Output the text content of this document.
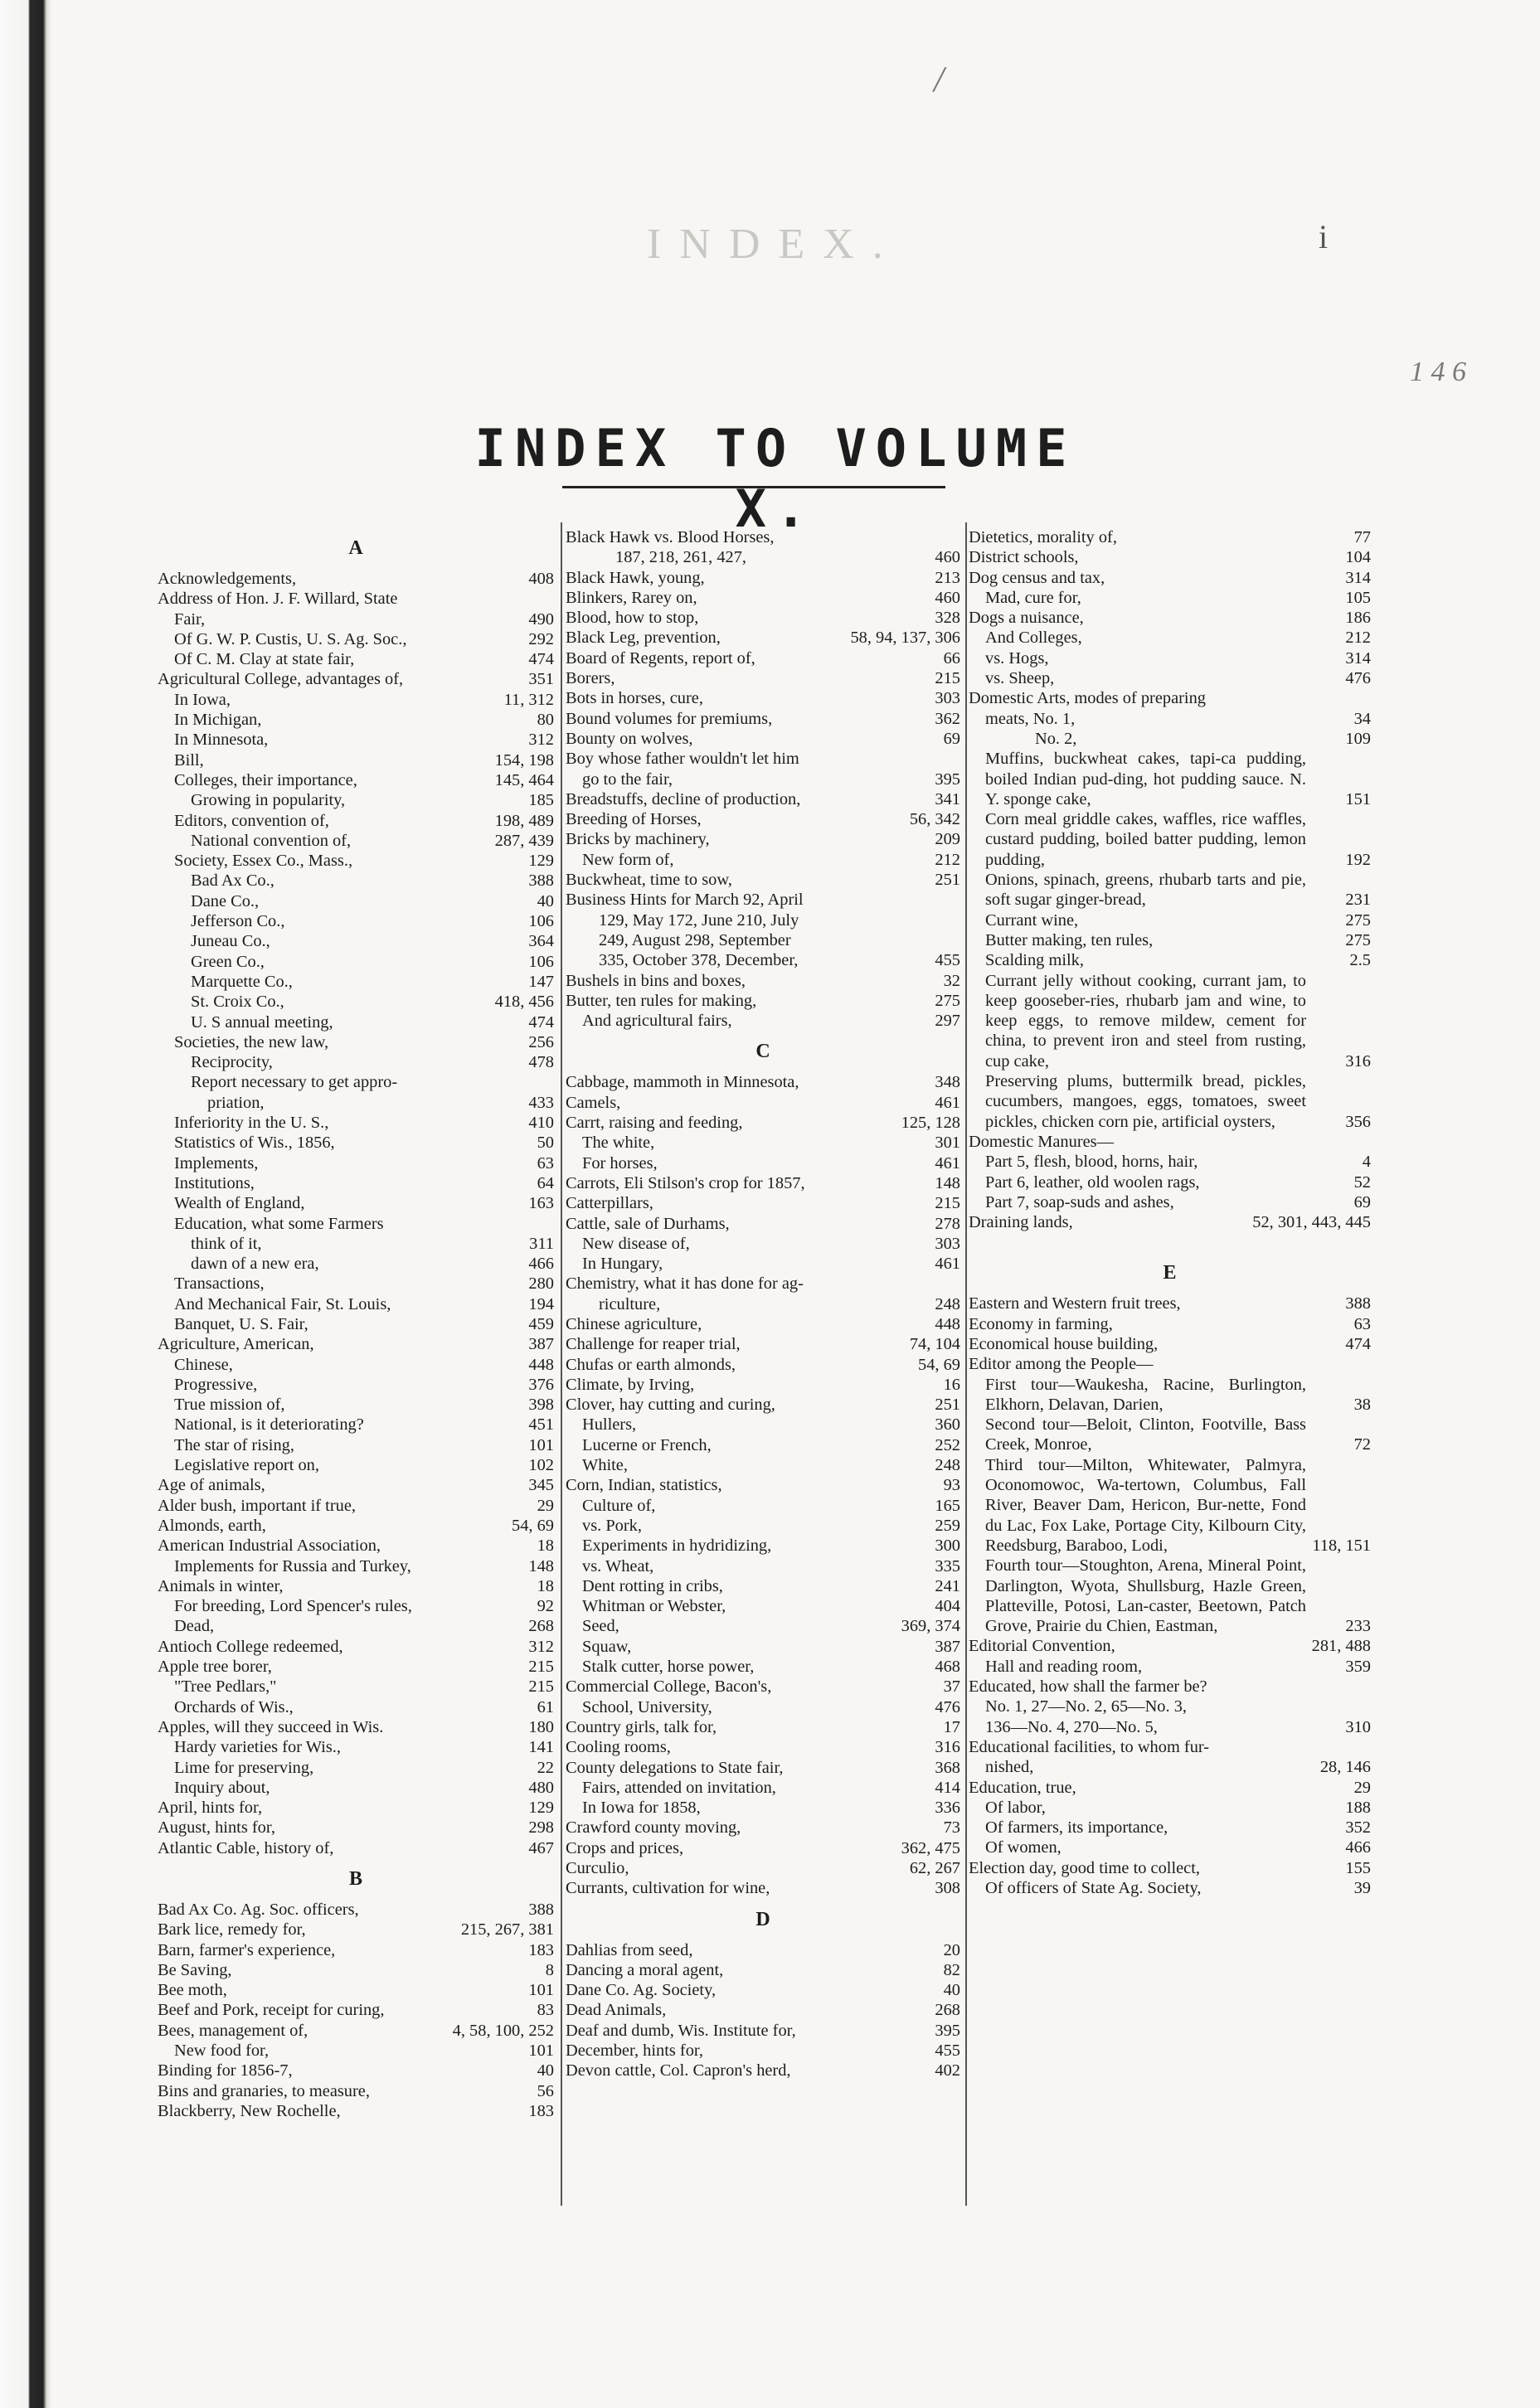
INDEX.	i
/
1 4 6
INDEX TO VOLUME X.
A
Acknowledgements,	408
Address of Hon. J. F. Willard, State
Fair,	490
Of G. W. P. Custis, U. S. Ag. Soc.,	292
Of C. M. Clay at state fair,	474
Agricultural College, advantages of,	351
In Iowa,	11, 312
In Michigan,	80
In Minnesota,	312
Bill,	154, 198
Colleges, their importance,	145, 464
Growing in popularity,	185
Editors, convention of,	198, 489
National convention of,	287, 439
Society, Essex Co., Mass.,	129
Bad Ax Co.,	388
Dane Co.,	40
Jefferson Co.,	106
Juneau Co.,	364
Green Co.,	106
Marquette Co.,	147
St. Croix Co.,	418, 456
U. S annual meeting,	474
Societies, the new law,	256
Reciprocity,	478
Report necessary to get appro-
priation,	433
Inferiority in the U. S.,	410
Statistics of Wis., 1856,	50
Implements,	63
Institutions,	64
Wealth of England,	163
Education, what some Farmers
think of it,	311
dawn of a new era,	466
Transactions,	280
And Mechanical Fair, St. Louis,	194
Banquet, U. S. Fair,	459
Agriculture, American,	387
Chinese,	448
Progressive,	376
True mission of,	398
National, is it deteriorating?	451
The star of rising,	101
Legislative report on,	102
Age of animals,	345
Alder bush, important if true,	29
Almonds, earth,	54, 69
American Industrial Association,	18
Implements for Russia and Turkey,	148
Animals in winter,	18
For breeding, Lord Spencer's rules,	92
Dead,	268
Antioch College redeemed,	312
Apple tree borer,	215
"Tree Pedlars,"	215
Orchards of Wis.,	61
Apples, will they succeed in Wis.	180
Hardy varieties for Wis.,	141
Lime for preserving,	22
Inquiry about,	480
April, hints for,	129
August, hints for,	298
Atlantic Cable, history of,	467
B
Bad Ax Co. Ag. Soc. officers,	388
Bark lice, remedy for,	215, 267, 381
Barn, farmer's experience,	183
Be Saving,	8
Bee moth,	101
Beef and Pork, receipt for curing,	83
Bees, management of,	4, 58, 100, 252
New food for,	101
Binding for 1856-7,	40
Bins and granaries, to measure,	56
Blackberry, New Rochelle,	183
Black Hawk vs. Blood Horses,
187, 218, 261, 427,	460
Black Hawk, young,	213
Blinkers, Rarey on,	460
Blood, how to stop,	328
Black Leg, prevention,	58, 94, 137, 306
Board of Regents, report of,	66
Borers,	215
Bots in horses, cure,	303
Bound volumes for premiums,	362
Bounty on wolves,	69
Boy whose father wouldn't let him
go to the fair,	395
Breadstuffs, decline of production,	341
Breeding of Horses,	56, 342
Bricks by machinery,	209
New form of,	212
Buckwheat, time to sow,	251
Business Hints for March 92, April
129, May 172, June 210, July
249, August 298, September
335, October 378, December,	455
Bushels in bins and boxes,	32
Butter, ten rules for making,	275
And agricultural fairs,	297
C
Cabbage, mammoth in Minnesota,	348
Camels,	461
Carrt, raising and feeding,	125, 128
The white,	301
For horses,	461
Carrots, Eli Stilson's crop for 1857,	148
Catterpillars,	215
Cattle, sale of Durhams,	278
New disease of,	303
In Hungary,	461
Chemistry, what it has done for ag-
riculture,	248
Chinese agriculture,	448
Challenge for reaper trial,	74, 104
Chufas or earth almonds,	54, 69
Climate, by Irving,	16
Clover, hay cutting and curing,	251
Hullers,	360
Lucerne or French,	252
White,	248
Corn, Indian, statistics,	93
Culture of,	165
vs. Pork,	259
Experiments in hydridizing,	300
vs. Wheat,	335
Dent rotting in cribs,	241
Whitman or Webster,	404
Seed,	369, 374
Squaw,	387
Stalk cutter, horse power,	468
Commercial College, Bacon's,	37
School, University,	476
Country girls, talk for,	17
Cooling rooms,	316
County delegations to State fair,	368
Fairs, attended on invitation,	414
In Iowa for 1858,	336
Crawford county moving,	73
Crops and prices,	362, 475
Curculio,	62, 267
Currants, cultivation for wine,	308
D
Dahlias from seed,	20
Dancing a moral agent,	82
Dane Co. Ag. Society,	40
Dead Animals,	268
Deaf and dumb, Wis. Institute for,	395
December, hints for,	455
Devon cattle, Col. Capron's herd,	402
Dietetics, morality of,	77
District schools,	104
Dog census and tax,	314
Mad, cure for,	105
Dogs a nuisance,	186
And Colleges,	212
vs. Hogs,	314
vs. Sheep,	476
Domestic Arts, modes of preparing
meats, No. 1,	34
No. 2,	109
Muffins, buckwheat cakes, tapi-ca pudding, boiled Indian pud-ding, hot pudding sauce. N. Y. sponge cake,	151
Corn meal griddle cakes, waffles, rice waffles, custard pudding, boiled batter pudding, lemon pudding,	192
Onions, spinach, greens, rhubarb tarts and pie, soft sugar ginger-bread,	231
Currant wine,	275
Butter making, ten rules,	275
Scalding milk,	2.5
Currant jelly without cooking, currant jam, to keep gooseber-ries, rhubarb jam and wine, to keep eggs, to remove mildew, cement for china, to prevent iron and steel from rusting, cup cake,	316
Preserving plums, buttermilk bread, pickles, cucumbers, mangoes, eggs, tomatoes, sweet pickles, chicken corn pie, artificial oysters,	356
Domestic Manures—
Part 5, flesh, blood, horns, hair,	4
Part 6, leather, old woolen rags,	52
Part 7, soap-suds and ashes,	69
Draining lands,	52, 301, 443, 445
E
Eastern and Western fruit trees,	388
Economy in farming,	63
Economical house building,	474
Editor among the People—
First tour—Waukesha, Racine, Burlington, Elkhorn, Delavan, Darien,	38
Second tour—Beloit, Clinton, Footville, Bass Creek, Monroe,	72
Third tour—Milton, Whitewater, Palmyra, Oconomowoc, Wa-tertown, Columbus, Fall River, Beaver Dam, Hericon, Bur-nette, Fond du Lac, Fox Lake, Portage City, Kilbourn City, Reedsburg, Baraboo, Lodi,	118, 151
Fourth tour—Stoughton, Arena, Mineral Point, Darlington, Wyota, Shullsburg, Hazle Green, Platteville, Potosi, Lan-caster, Beetown, Patch Grove, Prairie du Chien, Eastman,	233
Editorial Convention,	281, 488
Hall and reading room,	359
Educated, how shall the farmer be?
No. 1, 27—No. 2, 65—No. 3,
136—No. 4, 270—No. 5,	310
Educational facilities, to whom fur-
nished,	28, 146
Education, true,	29
Of labor,	188
Of farmers, its importance,	352
Of women,	466
Election day, good time to collect,	155
Of officers of State Ag. Society,	39
